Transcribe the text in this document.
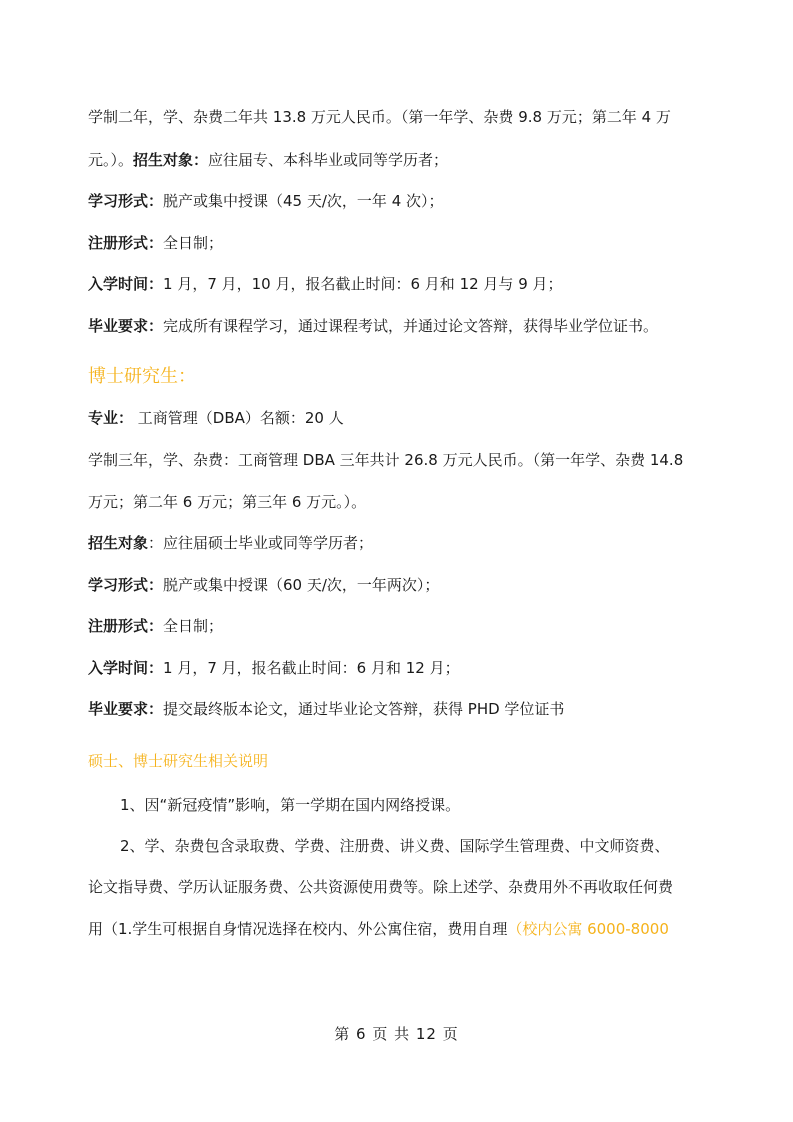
学制二年，学、杂费二年共 13.8 万元人民币。（第一年学、杂费 9.8 万元；第二年 4 万
元。）。招生对象：应往届专、本科毕业或同等学历者；
学习形式：脱产或集中授课（45 天/次，一年 4 次）；
注册形式：全日制；
入学时间：1 月，7 月，10 月，报名截止时间：6 月和 12 月与 9 月；
毕业要求：完成所有课程学习，通过课程考试，并通过论文答辩，获得毕业学位证书。
博士研究生：
专业： 工商管理（DBA）名额：20 人
学制三年，学、杂费：工商管理 DBA 三年共计 26.8 万元人民币。（第一年学、杂费 14.8
万元；第二年 6 万元；第三年 6 万元。）。
招生对象：应往届硕士毕业或同等学历者；
学习形式：脱产或集中授课（60 天/次，一年两次）；
注册形式：全日制；
入学时间：1 月，7 月，报名截止时间：6 月和 12 月；
毕业要求：提交最终版本论文，通过毕业论文答辩，获得 PHD 学位证书
硕士、博士研究生相关说明
1、因“新冠疫情”影响，第一学期在国内网络授课。
2、学、杂费包含录取费、学费、注册费、讲义费、国际学生管理费、中文师资费、
论文指导费、学历认证服务费、公共资源使用费等。除上述学、杂费用外不再收取任何费
用（1.学生可根据自身情况选择在校内、外公寓住宿，费用自理（校内公寓 6000-8000
第 6 页 共 12 页
